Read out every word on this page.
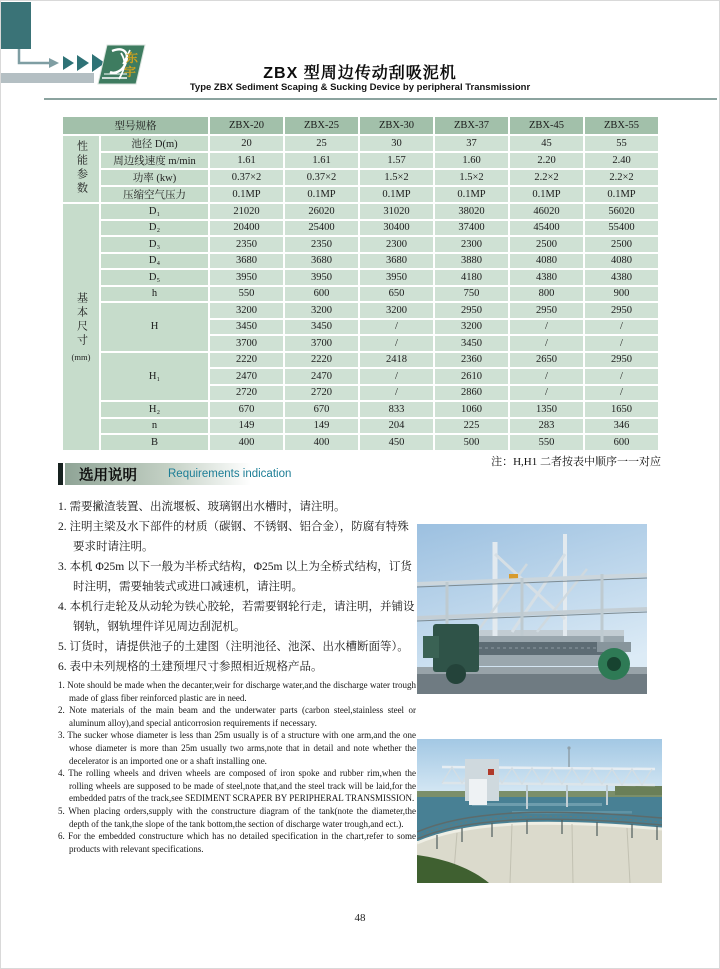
东
宇	ZBX 型周边传动刮吸泥机
Type ZBX Sediment Scaping & Sucking Device by peripheral Transmissionr
型号规格		ZBX-20	ZBX-25	ZBX-30	ZBX-37	ZBX-45	ZBX-55
性能参数	池径 D(m)	20	25	30	37	45	55
	周边线速度 m/min	1.61	1.61	1.57	1.60	2.20	2.40
	功率 (kw)	0.37×2	0.37×2	1.5×2	1.5×2	2.2×2	2.2×2
	压缩空气压力	0.1MP	0.1MP	0.1MP	0.1MP	0.1MP	0.1MP
基本尺寸
(mm)	D₁	21020	26020	31020	38020	46020	56020
	D₂	20400	25400	30400	37400	45400	55400
	D₃	2350	2350	2300	2300	2500	2500
	D₄	3680	3680	3680	3880	4080	4080
	D₅	3950	3950	3950	4180	4380	4380
	h	550	600	650	750	800	900
	H	3200	3200	3200	2950	2950	2950
		3450	3450	/	3200	/	/
		3700	3700	/	3450	/	/
	H₁	2220	2220	2418	2360	2650	2950
		2470	2470	/	2610	/	/
		2720	2720	/	2860	/	/
	H₂	670	670	833	1060	1350	1650
	n	149	149	204	225	283	346
	B	400	400	450	500	550	600
注：H,H1 二者按表中顺序一一对应
选用说明	Requirements indication
1. 需要撇渣装置、出流堰板、玻璃钢出水槽时，请注明。
2. 注明主梁及水下部件的材质（碳钢、不锈钢、铝合金），防腐有特殊要求时请注明。
3. 本机 Φ25m 以下一般为半桥式结构，Φ25m 以上为全桥式结构，订货时注明，需要轴装式或进口减速机，请注明。
4. 本机行走轮及从动轮为铁心胶轮，若需要钢轮行走，请注明，并铺设钢轨，钢轨埋件详见周边刮泥机。
5. 订货时，请提供池子的土建图（注明池径、池深、出水槽断面等）。
6. 表中未列规格的土建预埋尺寸参照相近规格产品。
1. Note should be made when the decanter,weir for discharge water,and the discharge water trough made of glass fiber reinforced plastic are in need.
2. Note materials of the main beam and the underwater parts (carbon steel,stainless steel or aluminum alloy),and special anticorrosion requirements if necessary.
3. The sucker whose diameter is less than 25m usually is of a structure with one arm,and the one whose diameter is more than 25m usually two arms,note that in detail and note whether the decelerator is an imported one or a shaft installing one.
4. The rolling wheels and driven wheels are composed of iron spoke and rubber rim,when the rolling wheels are supposed to be made of steel,note that,and the steel track will be laid,for the embedded patrs of the track,see SEDIMENT SCRAPER BY PERIPHERAL TRANSMISSION.
5. When placing orders,supply with the constructure diagram of the tank(note the diameter,the depth of the tank,the slope of the tank bottom,the section of discharge water trough,and ect.).
6. For the embedded constructure which has no detailed specification in the chart,refer to some products with relevant specifications.
48
